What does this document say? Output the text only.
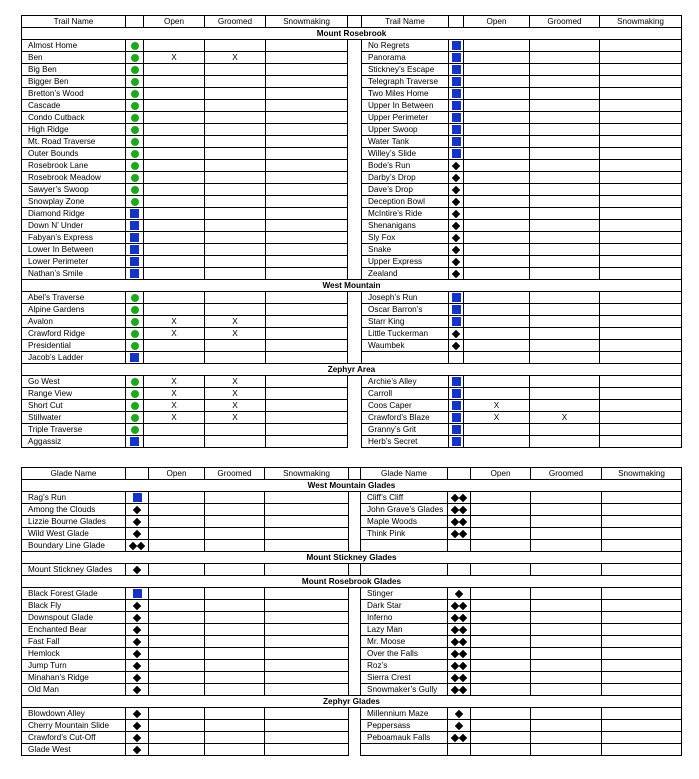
Trail Name		Open	Groomed	Snowmaking		Trail Name		Open	Groomed	Snowmaking
Mount Rosebrook										
Almost Home						No Regrets				
Ben		X	X			Panorama				
Big Ben						Stickney’s Escape				
Bigger Ben						Telegraph Traverse				
Bretton’s Wood						Two Miles Home				
Cascade						Upper In Between				
Condo Cutback						Upper Perimeter				
High Ridge						Upper Swoop				
Mt. Road Traverse						Water Tank				
Outer Bounds						Willey’s Slide				
Rosebrook Lane						Bode’s Run				
Rosebrook Meadow						Darby’s Drop				
Sawyer’s Swoop						Dave’s Drop				
Snowplay Zone						Deception Bowl				
Diamond Ridge						McIntire’s Ride				
Down N’ Under						Shenanigans				
Fabyan’s Express						Sly Fox				
Lower In Between						Snake				
Lower Perimeter						Upper Express				
Nathan’s Smile						Zealand				
West Mountain										
Abel’s Traverse						Joseph’s Run				
Alpine Gardens						Oscar Barron’s				
Avalon		X	X			Starr King				
Crawford Ridge		X	X			Little Tuckerman				
Presidential						Waumbek				
Jacob’s Ladder										
Zephyr Area										
Go West		X	X			Archie’s Alley				
Range View		X	X			Carroll				
Short Cut		X	X			Coos Caper		X		
Stillwater		X	X			Crawford’s Blaze		X	X	
Triple Traverse						Granny’s Grit				
Aggassiz						Herb’s Secret				
Glade Name		Open	Groomed	Snowmaking		Glade Name		Open	Groomed	Snowmaking
West Mountain Glades										
Rag’s Run						Cliff’s Cliff				
Among the Clouds						John Grave’s Glades				
Lizzie Bourne Glades						Maple Woods				
Wild West Glade						Think Pink				
Boundary Line Glade										
Mount Stickney Glades										
Mount Stickney Glades										
Mount Rosebrook Glades										
Black Forest Glade						Stinger				
Black Fly						Dark Star				
Downspout Glade						Inferno				
Enchanted Bear						Lazy Man				
Fast Fall						Mr. Moose				
Hemlock						Over the Falls				
Jump Turn						Roz’s				
Minahan’s Ridge						Sierra Crest				
Old Man						Snowmaker’s Gully				
Zephyr Glades										
Blowdown Alley						Millennium Maze				
Cherry Mountain Slide						Peppersass				
Crawford’s Cut-Off						Peboamauk Falls				
Glade West										
